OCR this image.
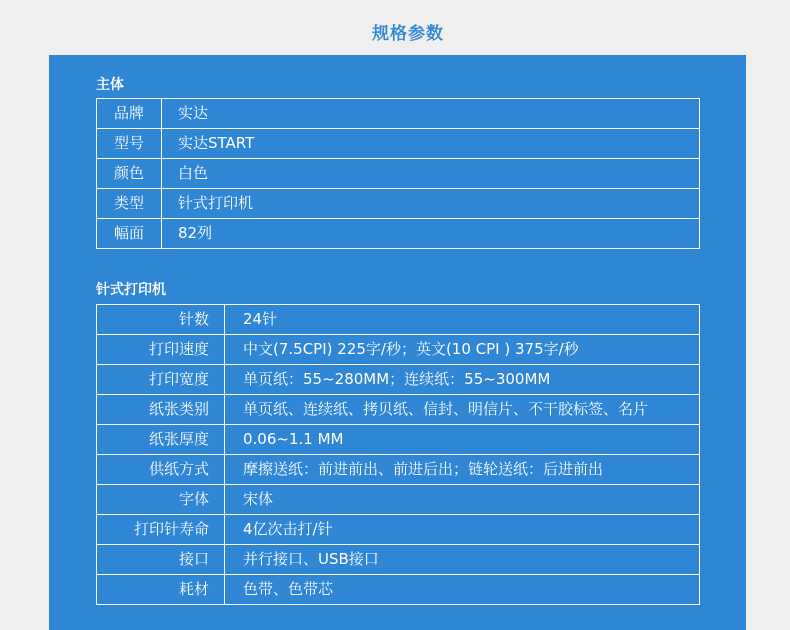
规格参数
主体
品牌	实达
型号	实达START
颜色	白色
类型	针式打印机
幅面	82列
针式打印机
针数	24针
打印速度	中文(7.5CPI) 225字/秒；英文(10 CPI ) 375字/秒
打印宽度	单页纸：55~280MM；连续纸：55~300MM
纸张类别	单页纸、连续纸、拷贝纸、信封、明信片、不干胶标签、名片
纸张厚度	0.06~1.1 MM
供纸方式	摩擦送纸：前进前出、前进后出；链轮送纸：后进前出
字体	宋体
打印针寿命	4亿次击打/针
接口	并行接口、USB接口
耗材	色带、色带芯
